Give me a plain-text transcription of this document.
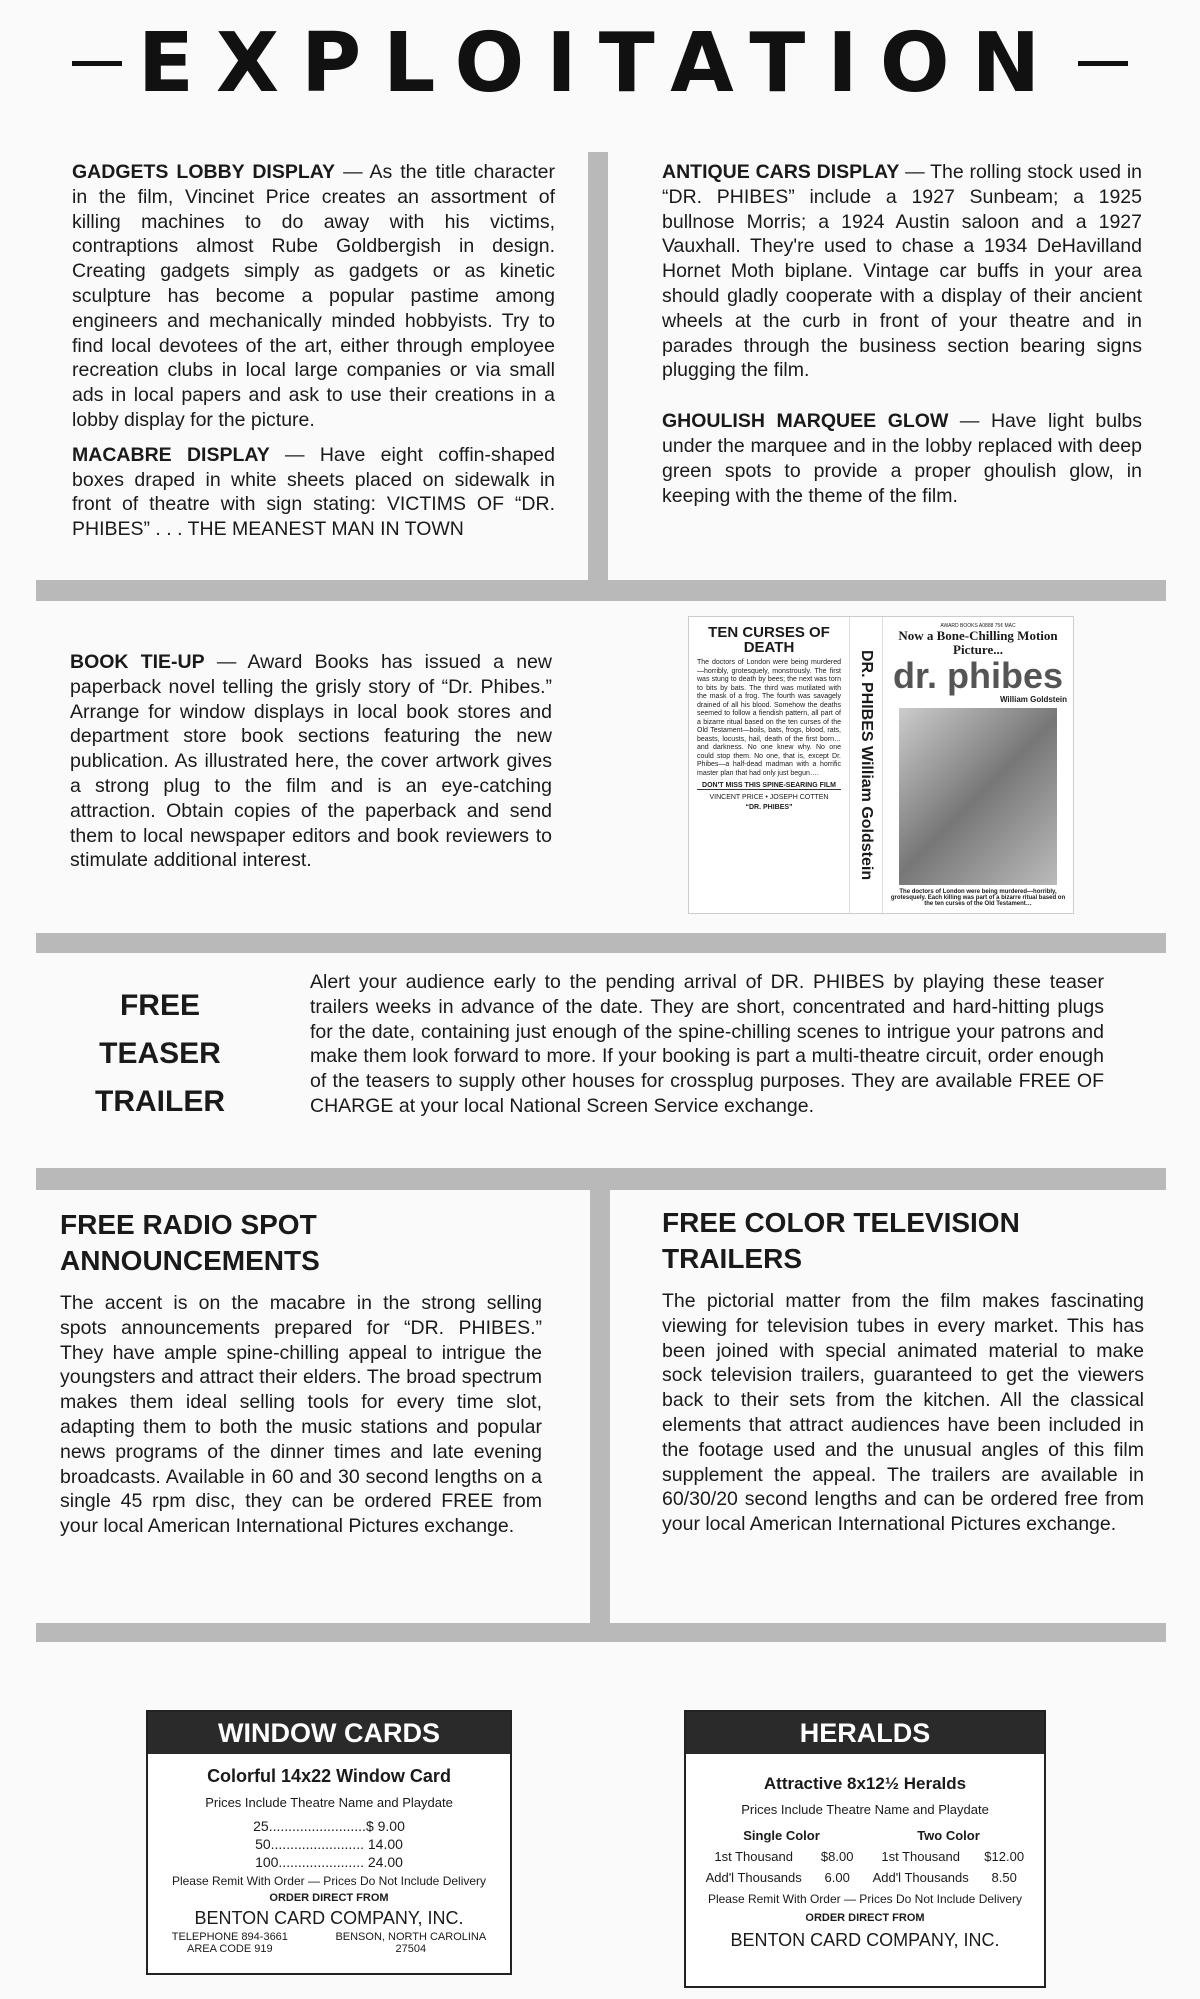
EXPLOITATION
GADGETS LOBBY DISPLAY — As the title character in the film, Vincinet Price creates an assortment of killing machines to do away with his victims, contraptions almost Rube Goldbergish in design. Creating gadgets simply as gadgets or as kinetic sculpture has become a popular pastime among engineers and mechanically minded hobbyists. Try to find local devotees of the art, either through employee recreation clubs in local large companies or via small ads in local papers and ask to use their creations in a lobby display for the picture.
MACABRE DISPLAY — Have eight coffin-shaped boxes draped in white sheets placed on sidewalk in front of theatre with sign stating: VICTIMS OF “DR. PHIBES” . . . THE MEANEST MAN IN TOWN
ANTIQUE CARS DISPLAY — The rolling stock used in “DR. PHIBES” include a 1927 Sunbeam; a 1925 bullnose Morris; a 1924 Austin saloon and a 1927 Vauxhall. They're used to chase a 1934 DeHavilland Hornet Moth biplane. Vintage car buffs in your area should gladly cooperate with a display of their ancient wheels at the curb in front of your theatre and in parades through the business section bearing signs plugging the film.
GHOULISH MARQUEE GLOW — Have light bulbs under the marquee and in the lobby replaced with deep green spots to provide a proper ghoulish glow, in keeping with the theme of the film.
BOOK TIE-UP — Award Books has issued a new paperback novel telling the grisly story of “Dr. Phibes.” Arrange for window displays in local book stores and department store book sections featuring the new publication. As illustrated here, the cover artwork gives a strong plug to the film and is an eye-catching attraction. Obtain copies of the paperback and send them to local newspaper editors and book reviewers to stimulate additional interest.
TEN CURSES OF DEATH
The doctors of London were being murdered—horribly, grotesquely, monstrously. The first was stung to death by bees; the next was torn to bits by bats. The third was mutilated with the mask of a frog. The fourth was savagely drained of all his blood. Somehow the deaths seemed to follow a fiendish pattern, all part of a bizarre ritual based on the ten curses of the Old Testament—boils, bats, frogs, blood, rats, beasts, locusts, hail, death of the first born…and darkness. No one knew why. No one could stop them. No one, that is, except Dr. Phibes—a half-dead madman with a horrific master plan that had only just begun….
DON'T MISS THIS SPINE-SEARING FILM
VINCENT PRICE • JOSEPH COTTEN
“DR. PHIBES”	DR. PHIBES William Goldstein
AWARD BOOKS A0888 75¢ MAC
Now a Bone-Chilling Motion Picture...
dr. phibes
William Goldstein
The doctors of London were being murdered—horribly, grotesquely. Each killing was part of a bizarre ritual based on the ten curses of the Old Testament…
FREE
TEASER
TRAILER
Alert your audience early to the pending arrival of DR. PHIBES by playing these teaser trailers weeks in advance of the date. They are short, concentrated and hard-hitting plugs for the date, containing just enough of the spine-chilling scenes to intrigue your patrons and make them look forward to more. If your booking is part a multi-theatre circuit, order enough of the teasers to supply other houses for crossplug purposes. They are available FREE OF CHARGE at your local National Screen Service exchange.
FREE RADIO SPOT ANNOUNCEMENTS
The accent is on the macabre in the strong selling spots announcements prepared for “DR. PHIBES.” They have ample spine-chilling appeal to intrigue the youngsters and attract their elders. The broad spectrum makes them ideal selling tools for every time slot, adapting them to both the music stations and popular news programs of the dinner times and late evening broadcasts. Available in 60 and 30 second lengths on a single 45 rpm disc, they can be ordered FREE from your local American International Pictures exchange.
FREE COLOR TELEVISION TRAILERS
The pictorial matter from the film makes fascinating viewing for television tubes in every market. This has been joined with special animated material to make sock television trailers, guaranteed to get the viewers back to their sets from the kitchen. All the classical elements that attract audiences have been included in the footage used and the unusual angles of this film supplement the appeal. The trailers are available in 60/30/20 second lengths and can be ordered free from your local American International Pictures exchange.
WINDOW CARDS

Colorful 14x22 Window Card

Prices Include Theatre Name and Playdate

25.........................$ 9.00

50........................ 14.00

100...................... 24.00

Please Remit With Order — Prices Do Not Include Delivery

ORDER DIRECT FROM

BENTON CARD COMPANY, INC.

TELEPHONE 894-3661
AREA CODE 919
BENSON, NORTH CAROLINA
27504
HERALDS

Attractive 8x12½ Heralds

Prices Include Theatre Name and Playdate

Single Color	Two Color
1st Thousand	$8.00	1st Thousand	$12.00
Add'l Thousands	6.00	Add'l Thousands	8.50

Please Remit With Order — Prices Do Not Include Delivery

ORDER DIRECT FROM

BENTON CARD COMPANY, INC.
